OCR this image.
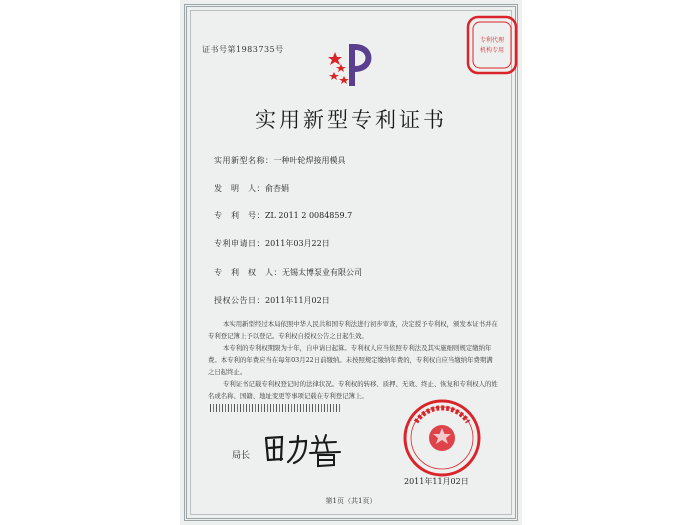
证书号第1983735号
专利代理
机构专用
实用新型专利证书
实用新型名称：一种叶轮焊接用模具
发　明　人：俞杏娟
专　利　号：ZL 2011 2 0084859.7
专利申请日：2011年03月22日
专　利　权　人：无锡太博泵业有限公司
授权公告日：2011年11月02日

本实用新型经过本局依照中华人民共和国专利法进行初步审查，决定授予专利权，颁发本证书并在专利登记簿上予以登记。专利权自授权公告之日起生效。

本专利的专利权期限为十年，自申请日起算。专利权人应当依照专利法及其实施细则规定缴纳年费。本专利的年费应当在每年03月22日前缴纳。未按照规定缴纳年费的，专利权自应当缴纳年费期满之日起终止。

专利证书记载专利权登记时的法律状况。专利权的转移、质押、无效、终止、恢复和专利权人的姓名或名称、国籍、地址变更等事项记载在专利登记簿上。

局长
2011年11月02日
第1页（共1页）
